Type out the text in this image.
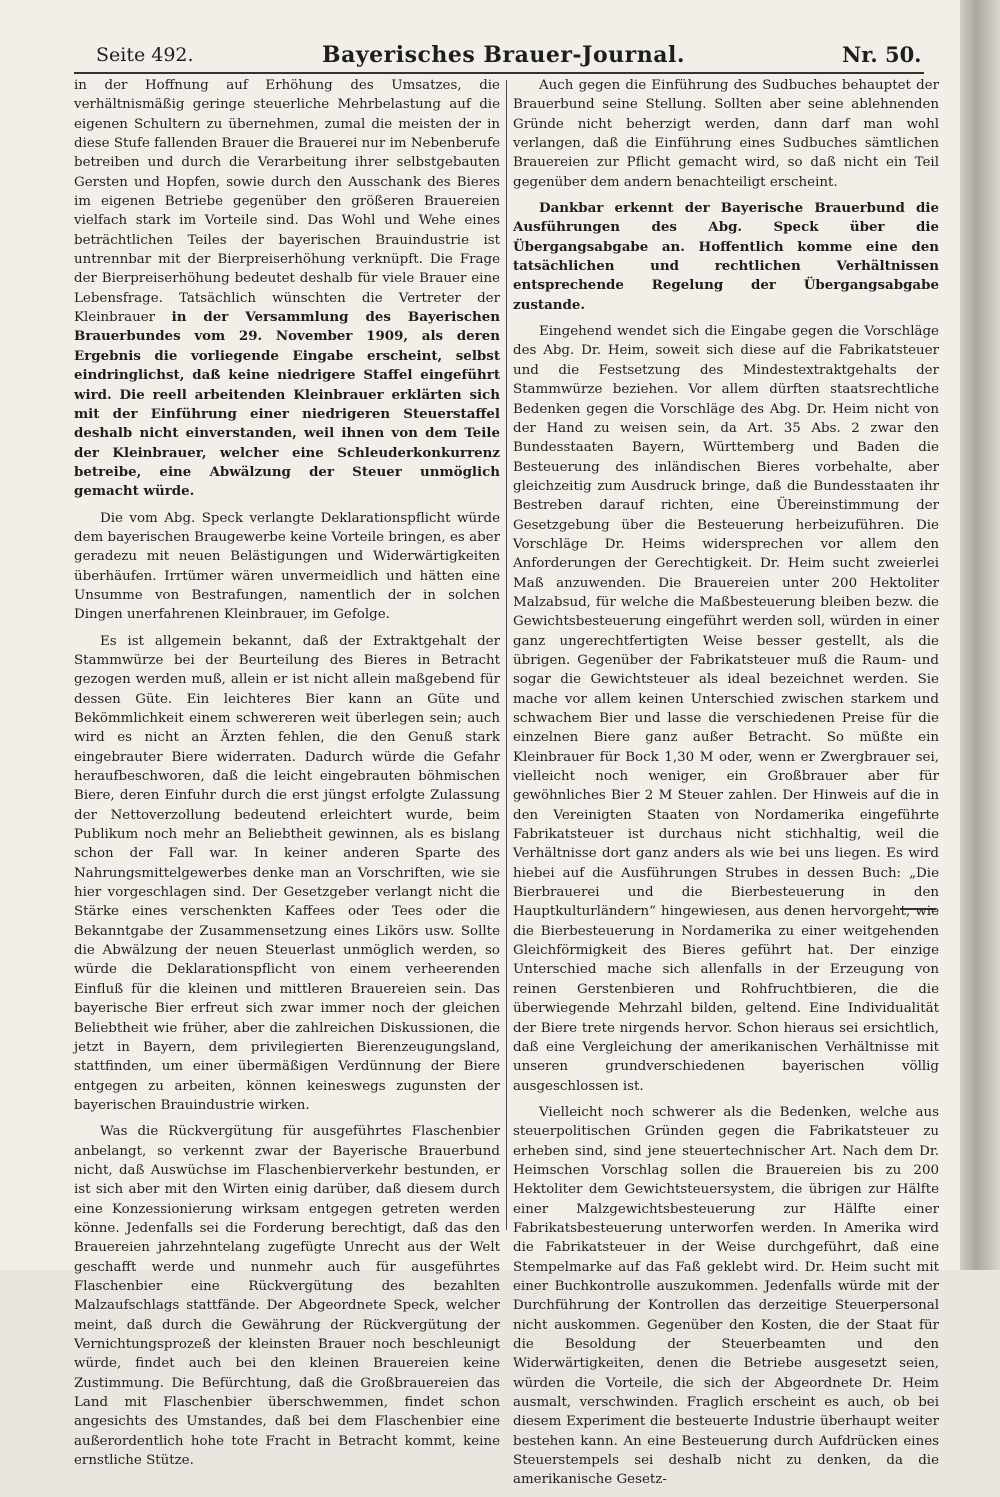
Seite 492.	Bayerisches Brauer-Journal.	Nr. 50.

in der Hoffnung auf Erhöhung des Umsatzes, die verhältnismäßig geringe steuerliche Mehrbelastung auf die eigenen Schultern zu übernehmen, zumal die meisten der in diese Stufe fallenden Brauer die Brauerei nur im Nebenberufe betreiben und durch die Verarbeitung ihrer selbstgebauten Gersten und Hopfen, sowie durch den Ausschank des Bieres im eigenen Betriebe gegenüber den größeren Brauereien vielfach stark im Vorteile sind. Das Wohl und Wehe eines beträchtlichen Teiles der bayerischen Brauindustrie ist untrennbar mit der Bierpreiserhöhung verknüpft. Die Frage der Bierpreiserhöhung bedeutet deshalb für viele Brauer eine Lebensfrage. Tatsächlich wünschten die Vertreter der Kleinbrauer in der Versammlung des Bayerischen Brauerbundes vom 29. November 1909, als deren Ergebnis die vorliegende Eingabe erscheint, selbst eindringlichst, daß keine niedrigere Staffel eingeführt wird. Die reell arbeitenden Kleinbrauer erklärten sich mit der Einführung einer niedrigeren Steuerstaffel deshalb nicht einverstanden, weil ihnen von dem Teile der Kleinbrauer, welcher eine Schleuderkonkurrenz betreibe, eine Abwälzung der Steuer unmöglich gemacht würde.

Die vom Abg. Speck verlangte Deklarationspflicht würde dem bayerischen Braugewerbe keine Vorteile bringen, es aber geradezu mit neuen Belästigungen und Widerwärtigkeiten überhäufen. Irrtümer wären unvermeidlich und hätten eine Unsumme von Bestrafungen, namentlich der in solchen Dingen unerfahrenen Kleinbrauer, im Gefolge.

Es ist allgemein bekannt, daß der Extraktgehalt der Stammwürze bei der Beurteilung des Bieres in Betracht gezogen werden muß, allein er ist nicht allein maßgebend für dessen Güte. Ein leichteres Bier kann an Güte und Bekömmlichkeit einem schwereren weit überlegen sein; auch wird es nicht an Ärzten fehlen, die den Genuß stark eingebrauter Biere widerraten. Dadurch würde die Gefahr heraufbeschworen, daß die leicht eingebrauten böhmischen Biere, deren Einfuhr durch die erst jüngst erfolgte Zulassung der Nettoverzollung bedeutend erleichtert wurde, beim Publikum noch mehr an Beliebtheit gewinnen, als es bislang schon der Fall war. In keiner anderen Sparte des Nahrungsmittelgewerbes denke man an Vorschriften, wie sie hier vorgeschlagen sind. Der Gesetzgeber verlangt nicht die Stärke eines verschenkten Kaffees oder Tees oder die Bekanntgabe der Zusammensetzung eines Likörs usw. Sollte die Abwälzung der neuen Steuerlast unmöglich werden, so würde die Deklarationspflicht von einem verheerenden Einfluß für die kleinen und mittleren Brauereien sein. Das bayerische Bier erfreut sich zwar immer noch der gleichen Beliebtheit wie früher, aber die zahlreichen Diskussionen, die jetzt in Bayern, dem privilegierten Bierenzeugungsland, stattfinden, um einer übermäßigen Verdünnung der Biere entgegen zu arbeiten, können keineswegs zugunsten der bayerischen Brauindustrie wirken.

Was die Rückvergütung für ausgeführtes Flaschenbier anbelangt, so verkennt zwar der Bayerische Brauerbund nicht, daß Auswüchse im Flaschenbierverkehr bestunden, er ist sich aber mit den Wirten einig darüber, daß diesem durch eine Konzessionierung wirksam entgegen getreten werden könne. Jedenfalls sei die Forderung berechtigt, daß das den Brauereien jahrzehntelang zugefügte Unrecht aus der Welt geschafft werde und nunmehr auch für ausgeführtes Flaschenbier eine Rückvergütung des bezahlten Malzaufschlags stattfände. Der Abgeordnete Speck, welcher meint, daß durch die Gewährung der Rückvergütung der Vernichtungsprozeß der kleinsten Brauer noch beschleunigt würde, findet auch bei den kleinen Brauereien keine Zustimmung. Die Befürchtung, daß die Großbrauereien das Land mit Flaschenbier überschwemmen, findet schon angesichts des Umstandes, daß bei dem Flaschenbier eine außerordentlich hohe tote Fracht in Betracht kommt, keine ernstliche Stütze.

Auch gegen die Einführung des Sudbuches behauptet der Brauerbund seine Stellung. Sollten aber seine ablehnenden Gründe nicht beherzigt werden, dann darf man wohl verlangen, daß die Einführung eines Sudbuches sämtlichen Brauereien zur Pflicht gemacht wird, so daß nicht ein Teil gegenüber dem andern benachteiligt erscheint.

Dankbar erkennt der Bayerische Brauerbund die Ausführungen des Abg. Speck über die Übergangsabgabe an. Hoffentlich komme eine den tatsächlichen und rechtlichen Verhältnissen entsprechende Regelung der Übergangsabgabe zustande.

Eingehend wendet sich die Eingabe gegen die Vorschläge des Abg. Dr. Heim, soweit sich diese auf die Fabrikatsteuer und die Festsetzung des Mindestextraktgehalts der Stammwürze beziehen. Vor allem dürften staatsrechtliche Bedenken gegen die Vorschläge des Abg. Dr. Heim nicht von der Hand zu weisen sein, da Art. 35 Abs. 2 zwar den Bundesstaaten Bayern, Württemberg und Baden die Besteuerung des inländischen Bieres vorbehalte, aber gleichzeitig zum Ausdruck bringe, daß die Bundesstaaten ihr Bestreben darauf richten, eine Übereinstimmung der Gesetzgebung über die Besteuerung herbeizuführen. Die Vorschläge Dr. Heims widersprechen vor allem den Anforderungen der Gerechtigkeit. Dr. Heim sucht zweierlei Maß anzuwenden. Die Brauereien unter 200 Hektoliter Malzabsud, für welche die Maßbesteuerung bleiben bezw. die Gewichtsbesteuerung eingeführt werden soll, würden in einer ganz ungerechtfertigten Weise besser gestellt, als die übrigen. Gegenüber der Fabrikatsteuer muß die Raum- und sogar die Gewichtsteuer als ideal bezeichnet werden. Sie mache vor allem keinen Unterschied zwischen starkem und schwachem Bier und lasse die verschiedenen Preise für die einzelnen Biere ganz außer Betracht. So müßte ein Kleinbrauer für Bock 1,30 M oder, wenn er Zwergbrauer sei, vielleicht noch weniger, ein Großbrauer aber für gewöhnliches Bier 2 M Steuer zahlen. Der Hinweis auf die in den Vereinigten Staaten von Nordamerika eingeführte Fabrikatsteuer ist durchaus nicht stichhaltig, weil die Verhältnisse dort ganz anders als wie bei uns liegen. Es wird hiebei auf die Ausführungen Strubes in dessen Buch: „Die Bierbrauerei und die Bierbesteuerung in den Hauptkulturländern“ hingewiesen, aus denen hervorgeht, wie die Bierbesteuerung in Nordamerika zu einer weitgehenden Gleichförmigkeit des Bieres geführt hat. Der einzige Unterschied mache sich allenfalls in der Erzeugung von reinen Gerstenbieren und Rohfruchtbieren, die die überwiegende Mehrzahl bilden, geltend. Eine Individualität der Biere trete nirgends hervor. Schon hieraus sei ersichtlich, daß eine Vergleichung der amerikanischen Verhältnisse mit unseren grundverschiedenen bayerischen völlig ausgeschlossen ist.

Vielleicht noch schwerer als die Bedenken, welche aus steuerpolitischen Gründen gegen die Fabrikatsteuer zu erheben sind, sind jene steuertechnischer Art. Nach dem Dr. Heimschen Vorschlag sollen die Brauereien bis zu 200 Hektoliter dem Gewichtsteuersystem, die übrigen zur Hälfte einer Malzgewichtsbesteuerung zur Hälfte einer Fabrikatsbesteuerung unterworfen werden. In Amerika wird die Fabrikatsteuer in der Weise durchgeführt, daß eine Stempelmarke auf das Faß geklebt wird. Dr. Heim sucht mit einer Buchkontrolle auszukommen. Jedenfalls würde mit der Durchführung der Kontrollen das derzeitige Steuerpersonal nicht auskommen. Gegenüber den Kosten, die der Staat für die Besoldung der Steuerbeamten und den Widerwärtigkeiten, denen die Betriebe ausgesetzt seien, würden die Vorteile, die sich der Abgeordnete Dr. Heim ausmalt, verschwinden. Fraglich erscheint es auch, ob bei diesem Experiment die besteuerte Industrie überhaupt weiter bestehen kann. An eine Besteuerung durch Aufdrücken eines Steuerstempels sei deshalb nicht zu denken, da die amerikanische Gesetz-
